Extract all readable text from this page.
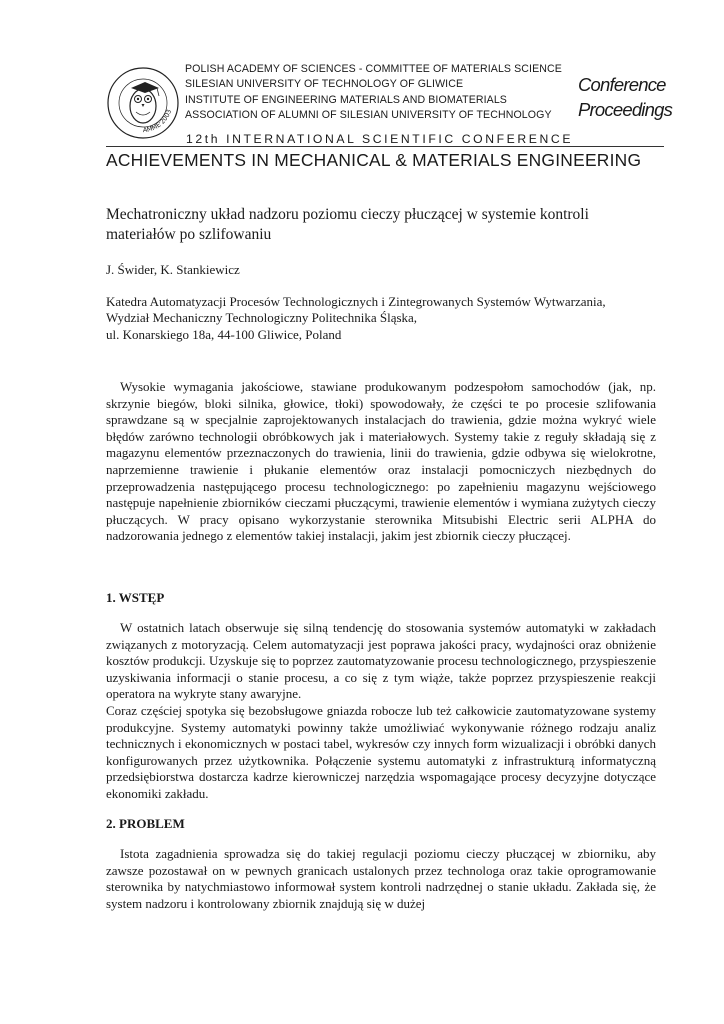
AMME'2003
POLISH ACADEMY OF SCIENCES - COMMITTEE OF MATERIALS SCIENCE
SILESIAN UNIVERSITY OF TECHNOLOGY OF GLIWICE
INSTITUTE OF ENGINEERING MATERIALS AND BIOMATERIALS
ASSOCIATION OF ALUMNI OF SILESIAN UNIVERSITY OF TECHNOLOGY
Conference
Proceedings
12th INTERNATIONAL SCIENTIFIC CONFERENCE
ACHIEVEMENTS IN MECHANICAL & MATERIALS ENGINEERING
Mechatroniczny układ nadzoru poziomu cieczy płuczącej w systemie kontroli materiałów po szlifowaniu
J. Świder, K. Stankiewicz
Katedra Automatyzacji Procesów Technologicznych i Zintegrowanych Systemów Wytwarzania,
Wydział Mechaniczny Technologiczny Politechnika Śląska,
ul. Konarskiego 18a, 44-100 Gliwice, Poland

Wysokie wymagania jakościowe, stawiane produkowanym podzespołom samochodów (jak, np. skrzynie biegów, bloki silnika, głowice, tłoki) spowodowały, że części te po procesie szlifowania sprawdzane są w specjalnie zaprojektowanych instalacjach do trawienia, gdzie można wykryć wiele błędów zarówno technologii obróbkowych jak i materiałowych. Systemy takie z reguły składają się z magazynu elementów przeznaczonych do trawienia, linii do trawienia, gdzie odbywa się wielokrotne, naprzemienne trawienie i płukanie elementów oraz instalacji pomocniczych niezbędnych do przeprowadzenia następującego procesu technologicznego: po zapełnieniu magazynu wejściowego następuje napełnienie zbiorników cieczami płuczącymi, trawienie elementów i wymiana zużytych cieczy płuczących. W pracy opisano wykorzystanie sterownika Mitsubishi Electric serii ALPHA do nadzorowania jednego z elementów takiej instalacji, jakim jest zbiornik cieczy płuczącej.

1. WSTĘP

W ostatnich latach obserwuje się silną tendencję do stosowania systemów automatyki w zakładach związanych z motoryzacją. Celem automatyzacji jest poprawa jakości pracy, wydajności oraz obniżenie kosztów produkcji. Uzyskuje się to poprzez zautomatyzowanie procesu technologicznego, przyspieszenie uzyskiwania informacji o stanie procesu, a co się z tym wiąże, także poprzez przyspieszenie reakcji operatora na wykryte stany awaryjne.

Coraz częściej spotyka się bezobsługowe gniazda robocze lub też całkowicie zautomatyzowane systemy produkcyjne. Systemy automatyki powinny także umożliwiać wykonywanie różnego rodzaju analiz technicznych i ekonomicznych w postaci tabel, wykresów czy innych form wizualizacji i obróbki danych konfigurowanych przez użytkownika. Połączenie systemu automatyki z infrastrukturą informatyczną przedsiębiorstwa dostarcza kadrze kierowniczej narzędzia wspomagające procesy decyzyjne dotyczące ekonomiki zakładu.

2. PROBLEM

Istota zagadnienia sprowadza się do takiej regulacji poziomu cieczy płuczącej w zbiorniku, aby zawsze pozostawał on w pewnych granicach ustalonych przez technologa oraz takie oprogramowanie sterownika by natychmiastowo informował system kontroli nadrzędnej o stanie układu. Zakłada się, że system nadzoru i kontrolowany zbiornik znajdują się w dużej
